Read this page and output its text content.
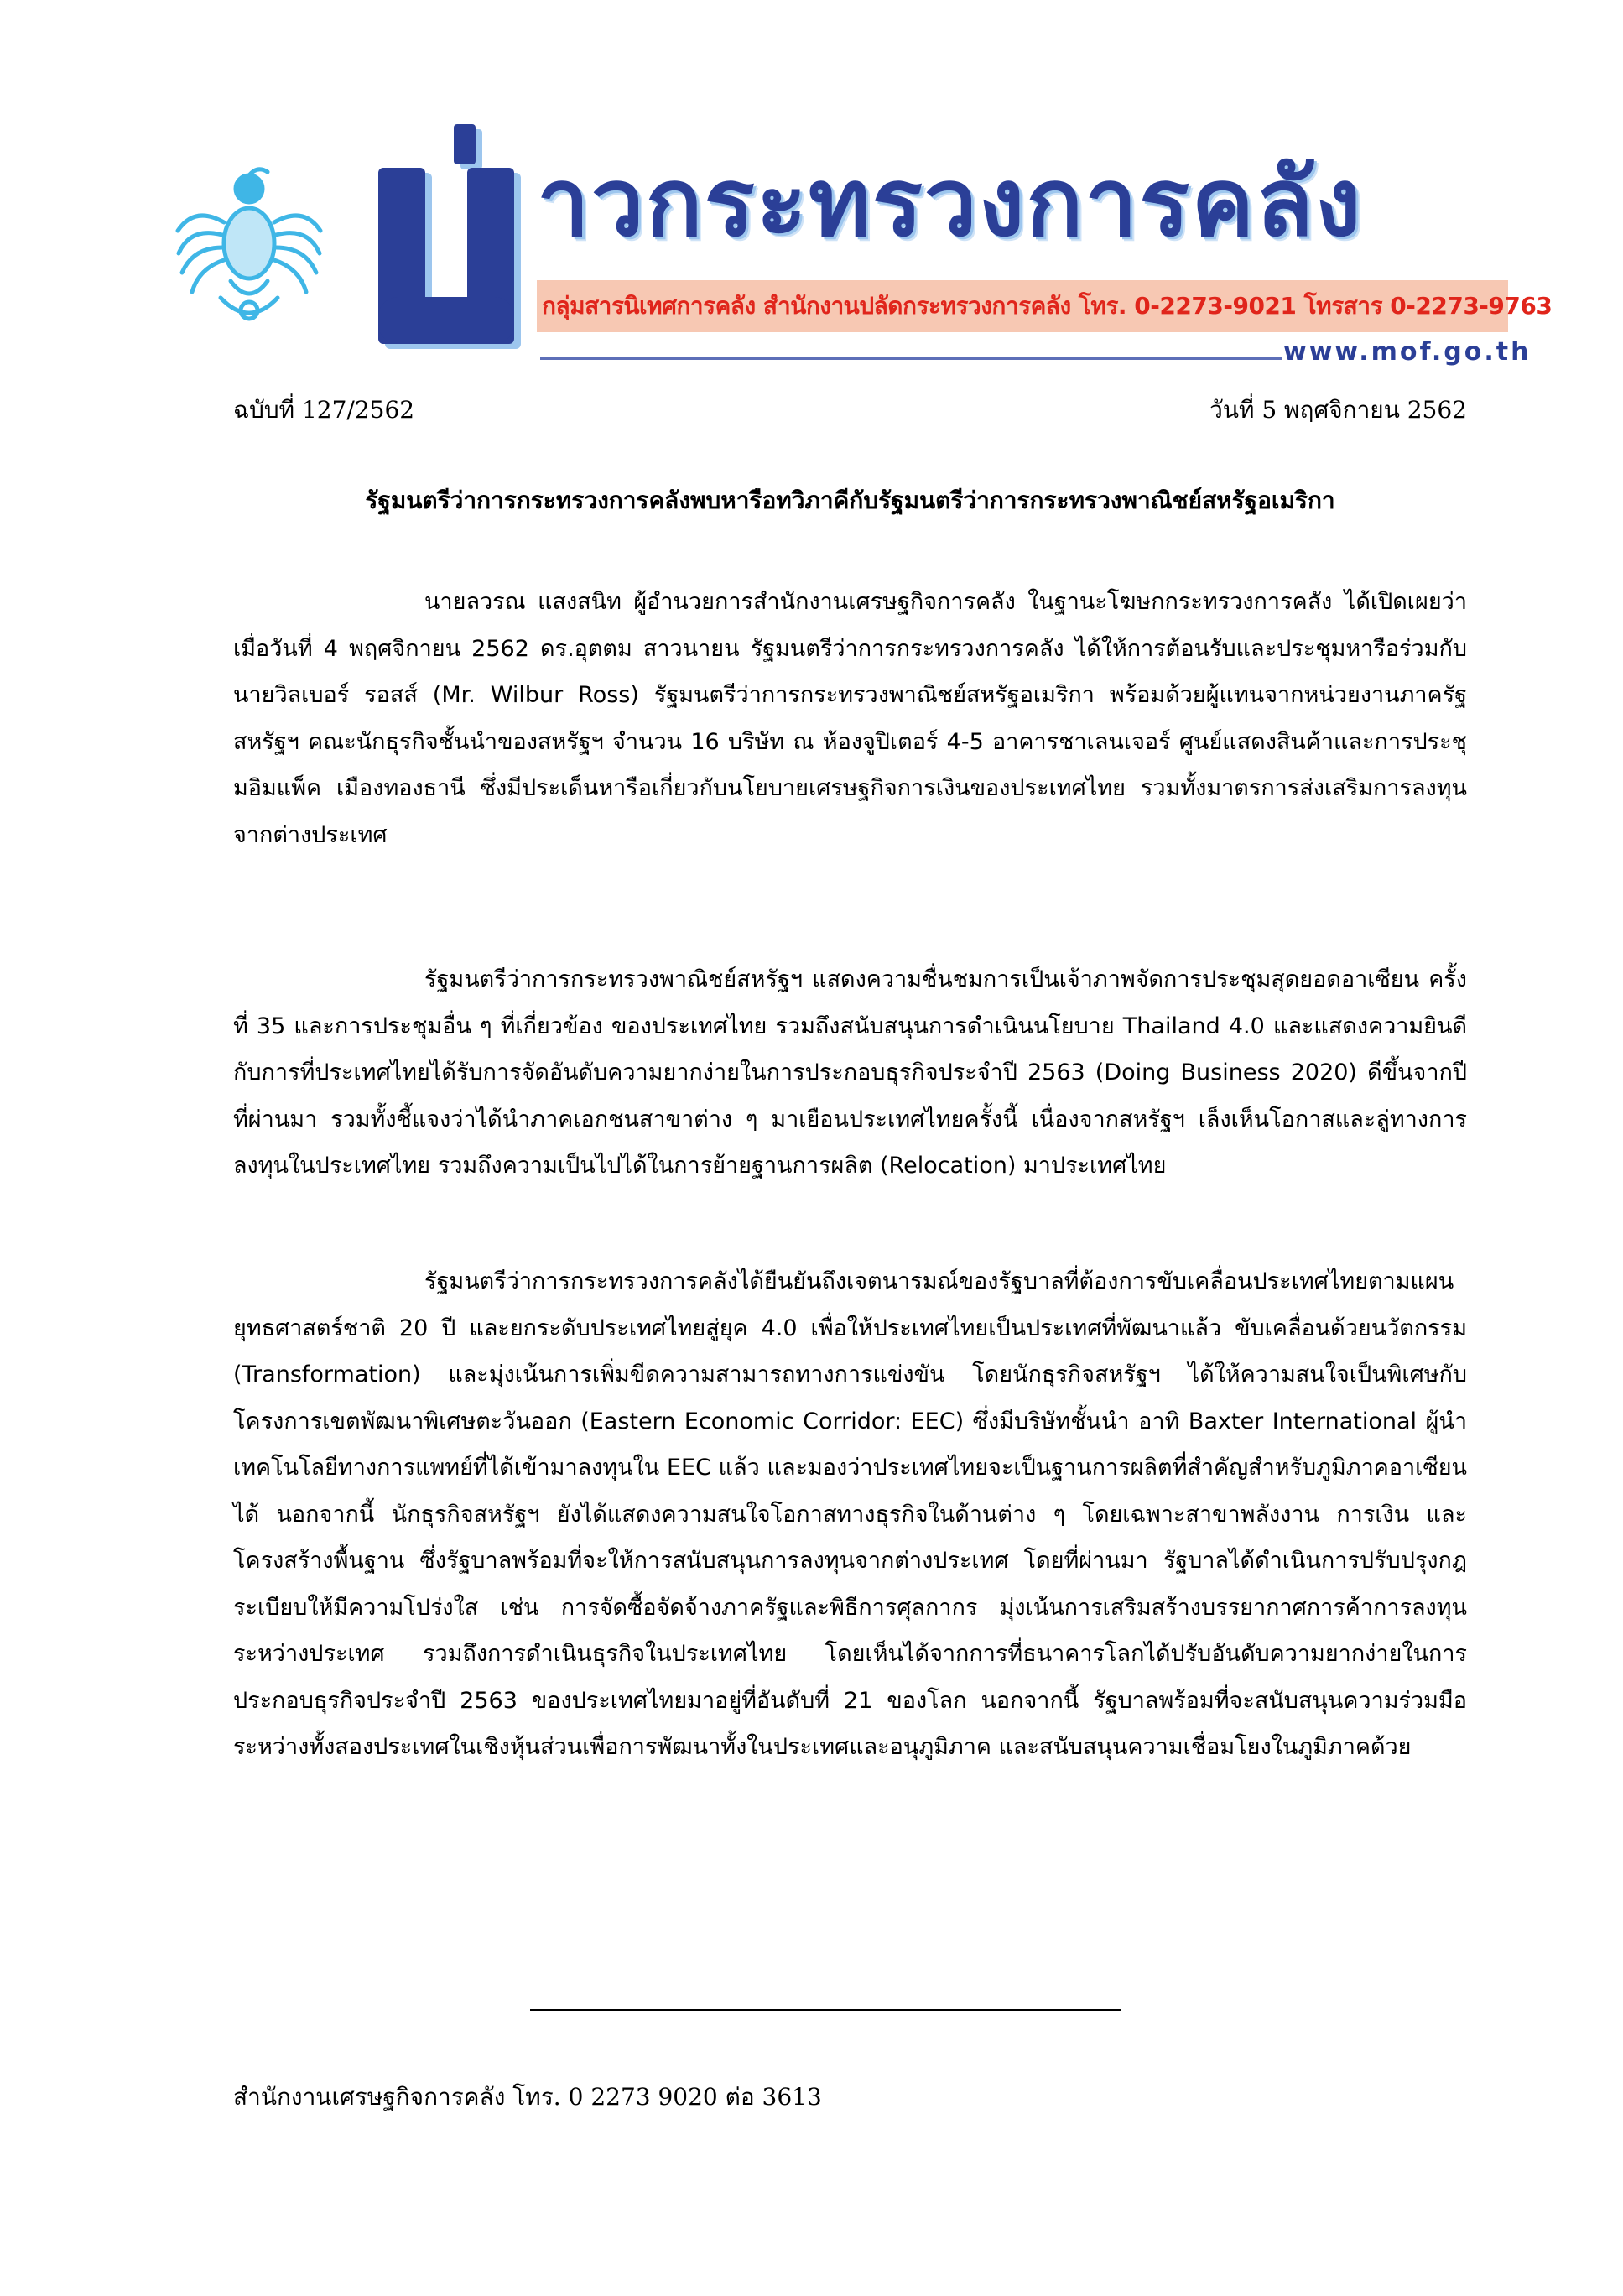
าวกระทรวงการคลัง
กลุ่มสารนิเทศการคลัง สำนักงานปลัดกระทรวงการคลัง โทร. 0-2273-9021 โทรสาร 0-2273-9763
www.mof.go.th
ฉบับที่ 127/2562	วันที่ 5 พฤศจิกายน 2562
รัฐมนตรีว่าการกระทรวงการคลังพบหารือทวิภาคีกับรัฐมนตรีว่าการกระทรวงพาณิชย์สหรัฐอเมริกา

นายลวรณ แสงสนิท ผู้อำนวยการสำนักงานเศรษฐกิจการคลัง ในฐานะโฆษกกระทรวงการคลัง ได้เปิดเผยว่า เมื่อวันที่ 4 พฤศจิกายน 2562 ดร.อุตตม สาวนายน รัฐมนตรีว่าการกระทรวงการคลัง ได้ให้การต้อนรับและประชุมหารือร่วมกับนายวิลเบอร์ รอสส์ (Mr. Wilbur Ross) รัฐมนตรีว่าการกระทรวงพาณิชย์สหรัฐอเมริกา พร้อมด้วยผู้แทนจากหน่วยงานภาครัฐสหรัฐฯ คณะนักธุรกิจชั้นนำของสหรัฐฯ จำนวน 16 บริษัท ณ ห้องจูปิเตอร์ 4-5 อาคารชาเลนเจอร์ ศูนย์แสดงสินค้าและการประชุมอิมแพ็ค เมืองทองธานี ซึ่งมีประเด็นหารือเกี่ยวกับนโยบายเศรษฐกิจการเงินของประเทศไทย รวมทั้งมาตรการส่งเสริมการลงทุนจากต่างประเทศ

รัฐมนตรีว่าการกระทรวงพาณิชย์สหรัฐฯ แสดงความชื่นชมการเป็นเจ้าภาพจัดการประชุมสุดยอดอาเซียน ครั้งที่ 35 และการประชุมอื่น ๆ ที่เกี่ยวข้อง ของประเทศไทย รวมถึงสนับสนุนการดำเนินนโยบาย Thailand 4.0 และแสดงความยินดีกับการที่ประเทศไทยได้รับการจัดอันดับความยากง่ายในการประกอบธุรกิจประจำปี 2563 (Doing Business 2020) ดีขึ้นจากปีที่ผ่านมา รวมทั้งชี้แจงว่าได้นำภาคเอกชนสาขาต่าง ๆ มาเยือนประเทศไทยครั้งนี้ เนื่องจากสหรัฐฯ เล็งเห็นโอกาสและลู่ทางการลงทุนในประเทศไทย รวมถึงความเป็นไปได้ในการย้ายฐานการผลิต (Relocation) มาประเทศไทย

รัฐมนตรีว่าการกระทรวงการคลังได้ยืนยันถึงเจตนารมณ์ของรัฐบาลที่ต้องการขับเคลื่อนประเทศไทยตามแผนยุทธศาสตร์ชาติ 20 ปี และยกระดับประเทศไทยสู่ยุค 4.0 เพื่อให้ประเทศไทยเป็นประเทศที่พัฒนาแล้ว ขับเคลื่อนด้วยนวัตกรรม (Transformation) และมุ่งเน้นการเพิ่มขีดความสามารถทางการแข่งขัน โดยนักธุรกิจสหรัฐฯ ได้ให้ความสนใจเป็นพิเศษกับโครงการเขตพัฒนาพิเศษตะวันออก (Eastern Economic Corridor: EEC) ซึ่งมีบริษัทชั้นนำ อาทิ Baxter International ผู้นำเทคโนโลยีทางการแพทย์ที่ได้เข้ามาลงทุนใน EEC แล้ว และมองว่าประเทศไทยจะเป็นฐานการผลิตที่สำคัญสำหรับภูมิภาคอาเซียนได้ นอกจากนี้ นักธุรกิจสหรัฐฯ ยังได้แสดงความสนใจโอกาสทางธุรกิจในด้านต่าง ๆ โดยเฉพาะสาขาพลังงาน การเงิน และโครงสร้างพื้นฐาน ซึ่งรัฐบาลพร้อมที่จะให้การสนับสนุนการลงทุนจากต่างประเทศ โดยที่ผ่านมา รัฐบาลได้ดำเนินการปรับปรุงกฎระเบียบให้มีความโปร่งใส เช่น การจัดซื้อจัดจ้างภาครัฐและพิธีการศุลกากร มุ่งเน้นการเสริมสร้างบรรยากาศการค้าการลงทุนระหว่างประเทศ รวมถึงการดำเนินธุรกิจในประเทศไทย โดยเห็นได้จากการที่ธนาคารโลกได้ปรับอันดับความยากง่ายในการประกอบธุรกิจประจำปี 2563 ของประเทศไทยมาอยู่ที่อันดับที่ 21 ของโลก นอกจากนี้ รัฐบาลพร้อมที่จะสนับสนุนความร่วมมือระหว่างทั้งสองประเทศในเชิงหุ้นส่วนเพื่อการพัฒนาทั้งในประเทศและอนุภูมิภาค และสนับสนุนความเชื่อมโยงในภูมิภาคด้วย

สำนักงานเศรษฐกิจการคลัง โทร. 0 2273 9020 ต่อ 3613
